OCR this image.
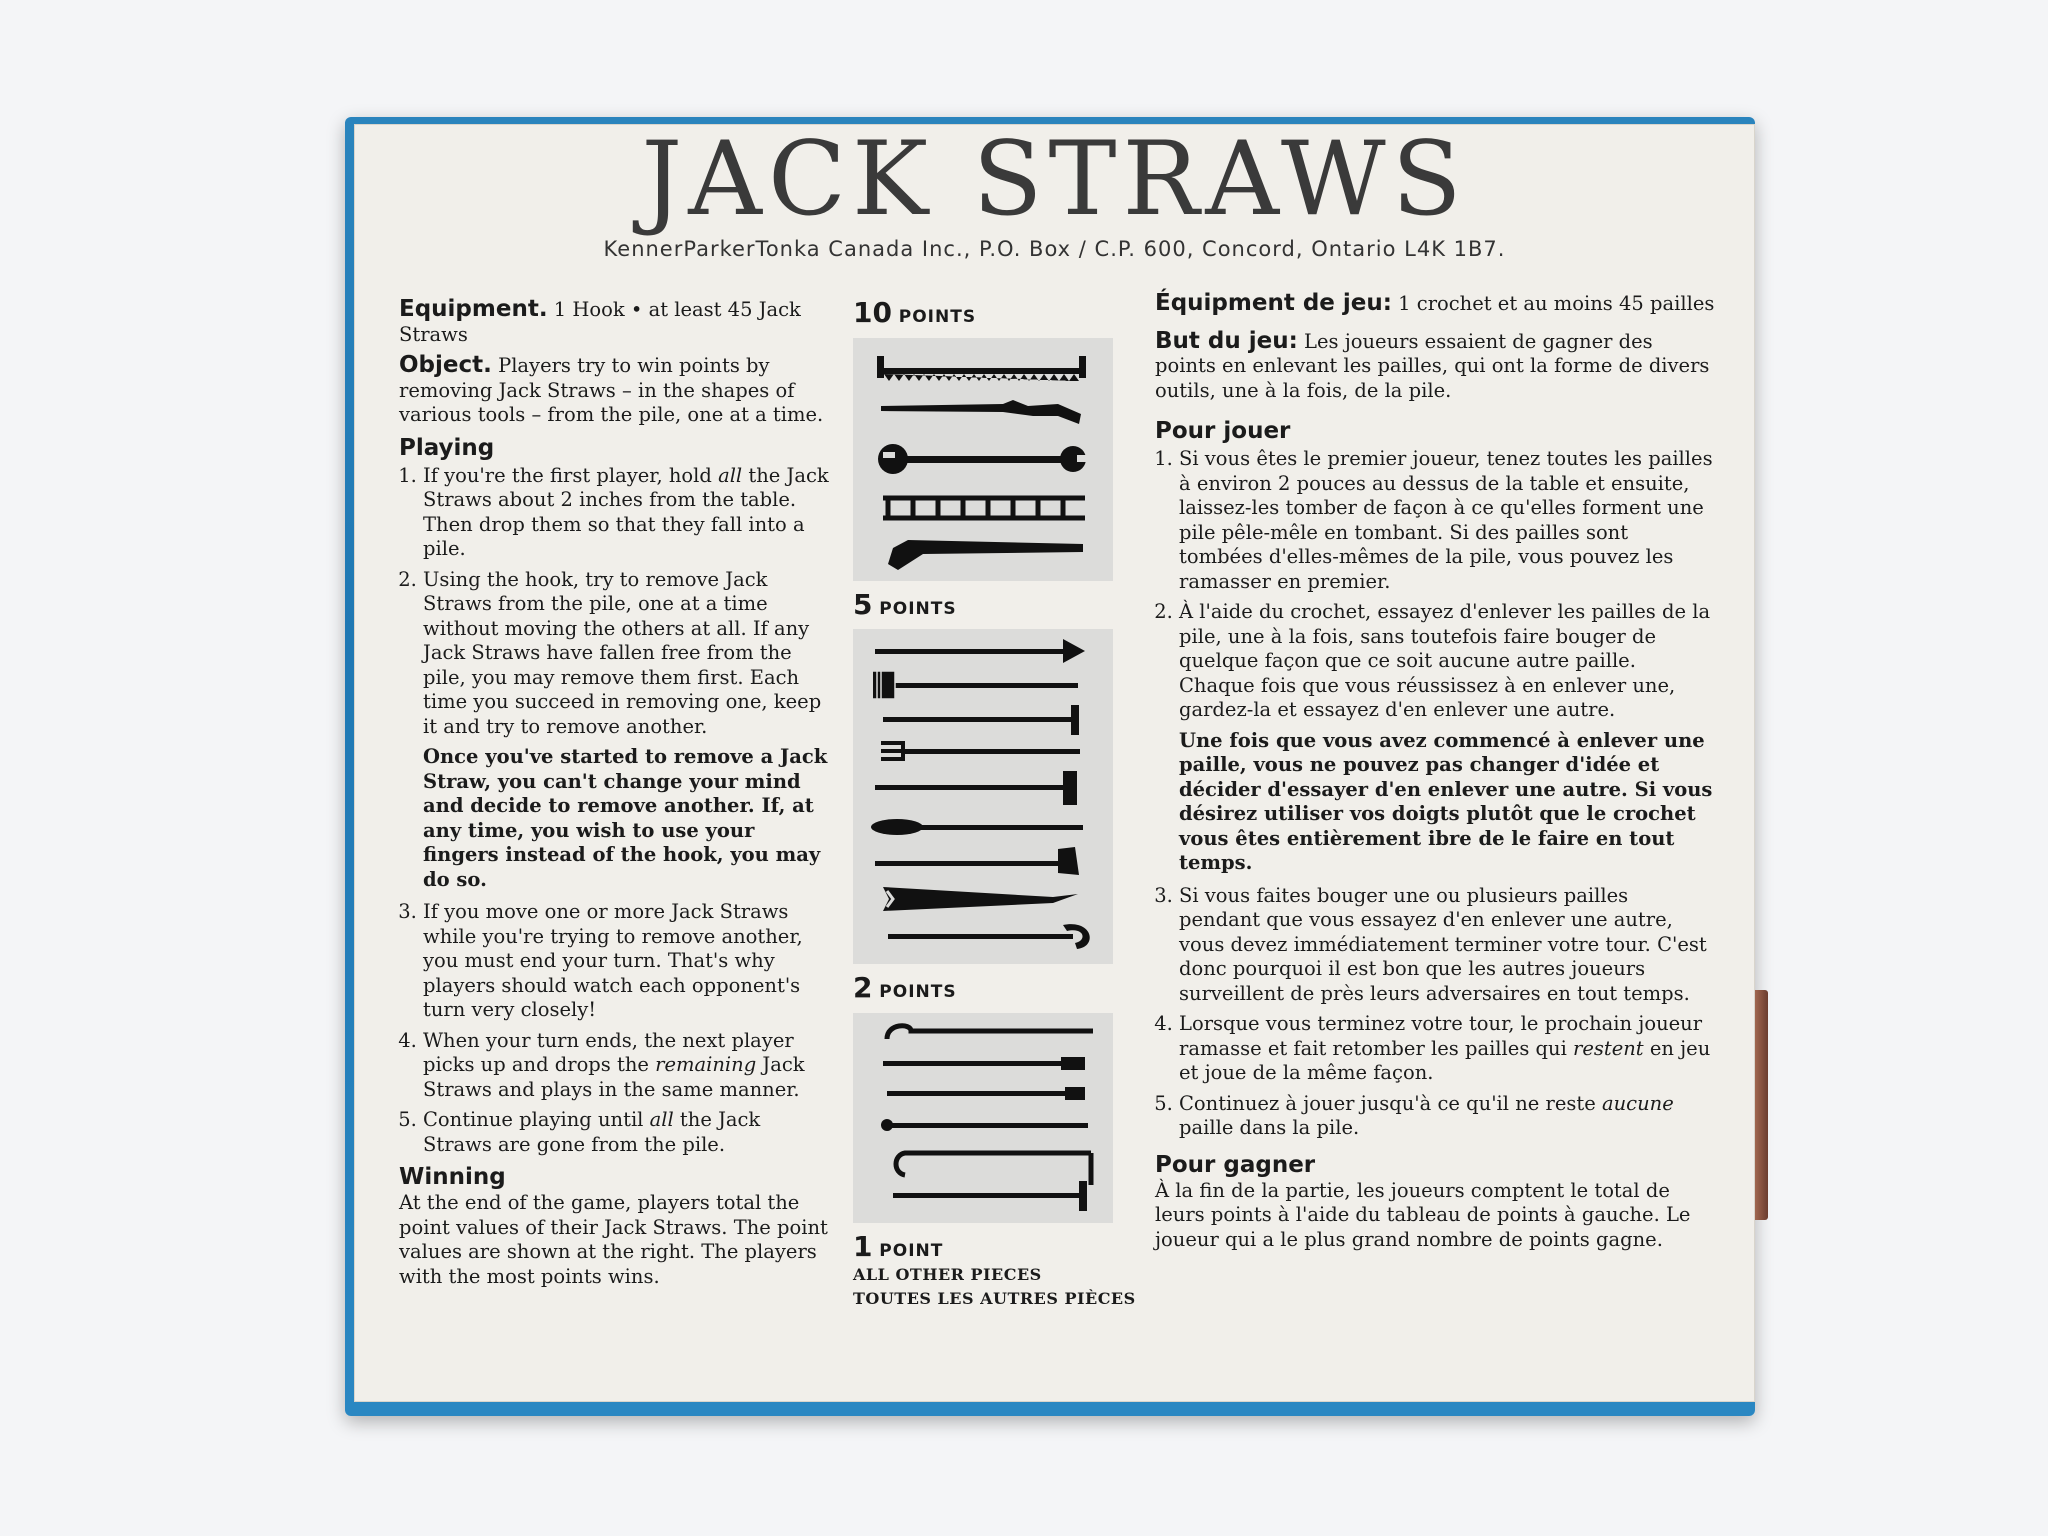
JACK STRAWS
KennerParkerTonka Canada Inc., P.O. Box / C.P. 600, Concord, Ontario L4K 1B7.

Equipment. 1 Hook • at least 45 Jack Straws

Object. Players try to win points by removing Jack Straws – in the shapes of various tools – from the pile, one at a time.

Playing

1. If you're the first player, hold all the Jack Straws about 2 inches from the table. Then drop them so that they fall into a pile.
2. Using the hook, try to remove Jack Straws from the pile, one at a time without moving the others at all. If any Jack Straws have fallen free from the pile, you may remove them first. Each time you succeed in removing one, keep it and try to remove another.
Once you've started to remove a Jack Straw, you can't change your mind and decide to remove another. If, at any time, you wish to use your fingers instead of the hook, you may do so.
3. If you move one or more Jack Straws while you're trying to remove another, you must end your turn. That's why players should watch each opponent's turn very closely!
4. When your turn ends, the next player picks up and drops the remaining Jack Straws and plays in the same manner.
5. Continue playing until all the Jack Straws are gone from the pile.

Winning

At the end of the game, players total the point values of their Jack Straws. The point values are shown at the right. The players with the most points wins.

10 POINTS

5 POINTS

2 POINTS

1 POINT

ALL OTHER PIECES

TOUTES LES AUTRES PIÈCES

Équipment de jeu: 1 crochet et au moins 45 pailles

But du jeu: Les joueurs essaient de gagner des points en enlevant les pailles, qui ont la forme de divers outils, une à la fois, de la pile.

Pour jouer

1. Si vous êtes le premier joueur, tenez toutes les pailles à environ 2 pouces au dessus de la table et ensuite, laissez-les tomber de façon à ce qu'elles forment une pile pêle-mêle en tombant. Si des pailles sont tombées d'elles-mêmes de la pile, vous pouvez les ramasser en premier.
2. À l'aide du crochet, essayez d'enlever les pailles de la pile, une à la fois, sans toutefois faire bouger de quelque façon que ce soit aucune autre paille. Chaque fois que vous réussissez à en enlever une, gardez-la et essayez d'en enlever une autre.
Une fois que vous avez commencé à enlever une paille, vous ne pouvez pas changer d'idée et décider d'essayer d'en enlever une autre. Si vous désirez utiliser vos doigts plutôt que le crochet vous êtes entièrement ibre de le faire en tout temps.
3. Si vous faites bouger une ou plusieurs pailles pendant que vous essayez d'en enlever une autre, vous devez immédiatement terminer votre tour. C'est donc pourquoi il est bon que les autres joueurs surveillent de près leurs adversaires en tout temps.
4. Lorsque vous terminez votre tour, le prochain joueur ramasse et fait retomber les pailles qui restent en jeu et joue de la même façon.
5. Continuez à jouer jusqu'à ce qu'il ne reste aucune paille dans la pile.

Pour gagner

À la fin de la partie, les joueurs comptent le total de leurs points à l'aide du tableau de points à gauche. Le joueur qui a le plus grand nombre de points gagne.
